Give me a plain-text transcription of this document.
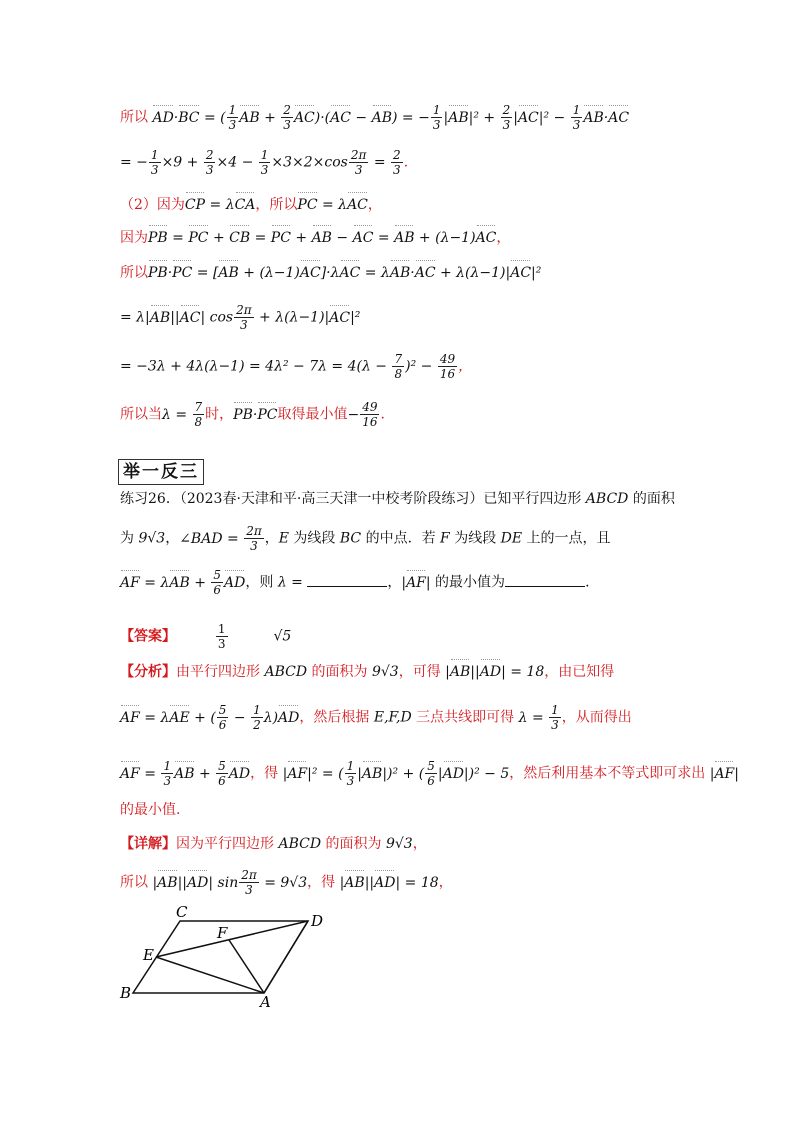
所以 AD·BC = ( $\frac{1}{3}$ AB + $\frac{2}{3} AC)\cdot(AC - AB)$ = − $\frac{1}{3} |AB|^2 + \frac{2}{3} |AC|^2 - \frac{1}{3} AB\cdot AC$
= − $\frac{1}{3} \times 9 + \frac{2}{3} \times 4 - \frac{1}{3} \times 3\times 2\times\cos \frac{2\pi}{3} = \frac{2}{3}$ .
（2）因为CP = λCA，所以PC = λAC，
因为PB = PC + CB = PC + AB − AC = AB + (λ−1)AC，
所以PB·PC = [AB + (λ−1)AC]·λAC = λAB·AC + λ(λ−1)|AC|²
= λ|AB||AC| $\cos \frac{2\pi}{3} + \lambda(\lambda-1)|AC|^2$
= $-3\lambda + 4\lambda(\lambda-1) = 4\lambda^2 - 7\lambda = 4(\lambda - \frac{7}{8} )^2 - \frac{49}{16}$ ，
所以当$\lambda = \frac{7}{8}$ 时，PB·PC取得最小值− $\frac{49}{16}$ .
举一反三
练习26．（2023春·天津和平·高三天津一中校考阶段练习）已知平行四边形 ABCD 的面积
为 9√3，∠BAD = $\frac{2\pi}{3}$ ，E 为线段 BC 的中点．若 F 为线段 DE 上的一点，且
AF = $\lambda AB + \frac{5}{6}$ AD，则 λ =	，|AF| 的最小值为	.
【答案】	$\frac{1}{3}$	√5
【分析】由平行四边形 ABCD 的面积为 9√3，可得 |AB||AD| = 18，由已知得
AF = λAE + ( $\frac{5}{6} - \frac{1}{2} \lambda)AD$，然后根据 E,F,D 三点共线即可得 $\lambda = \frac{1}{3}$ ，从而得出
AF = $\frac{1}{3}$ AB + $\frac{5}{6}$ AD，得 |AF|² = ( $\frac{1}{3} |AB|)^2$ + ( $\frac{5}{6} |AD|)^2 - 5$，然后利用基本不等式即可求出 |AF|
的最小值.
【详解】因为平行四边形 ABCD 的面积为 9√3，
所以 |AB||AD| $\sin \frac{2\pi}{3} = 9√3$，得 |AB||AD| = 18，
C	D
E
F
B	A
